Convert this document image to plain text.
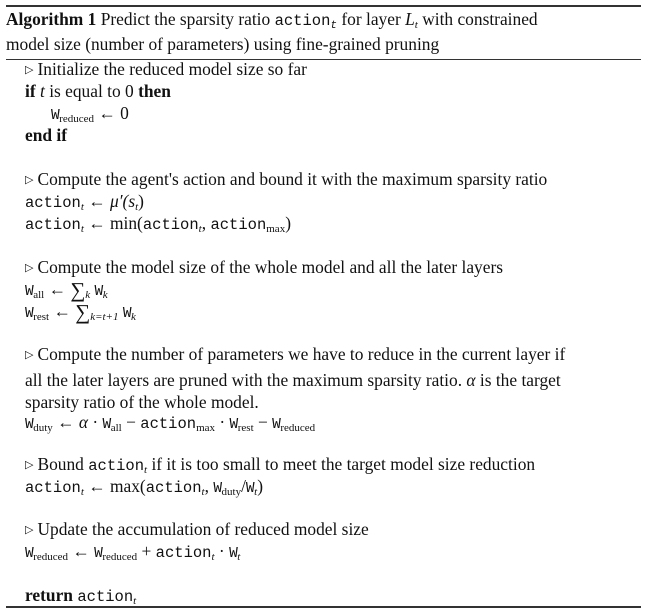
Algorithm 1 Predict the sparsity ratio action$_t$ for layer $L_t$ with constrained
model size (number of parameters) using fine-grained pruning
▷ Initialize the reduced model size so far
if t is equal to 0 then
$W_{reduced}$ ← 0
end if
▷ Compute the agent's action and bound it with the maximum sparsity ratio
action$_t$ ← $\mu'(s_t)$
action$_t$ ← min(action$_t$, action$_{max}$)
▷ Compute the model size of the whole model and all the later layers
$W_{all}$ ← $\sum_k$ $W_k$
$W_{rest}$ ← $\sum_{k=t+1}$ $W_k$
▷ Compute the number of parameters we have to reduce in the current layer if
all the later layers are pruned with the maximum sparsity ratio. α is the target
sparsity ratio of the whole model.
$W_{duty}$ ← $\alpha \cdot W_{all}$ − action$_{max}$ · $W_{rest} - W_{reduced}$
▷ Bound action$_t$ if it is too small to meet the target model size reduction
action$_t$ ← max(action$_t$, $W_{duty}/W_t$)
▷ Update the accumulation of reduced model size
$W_{reduced}$ ← $W_{reduced}$ + action$_t$ · $W_t$
return action$_t$
